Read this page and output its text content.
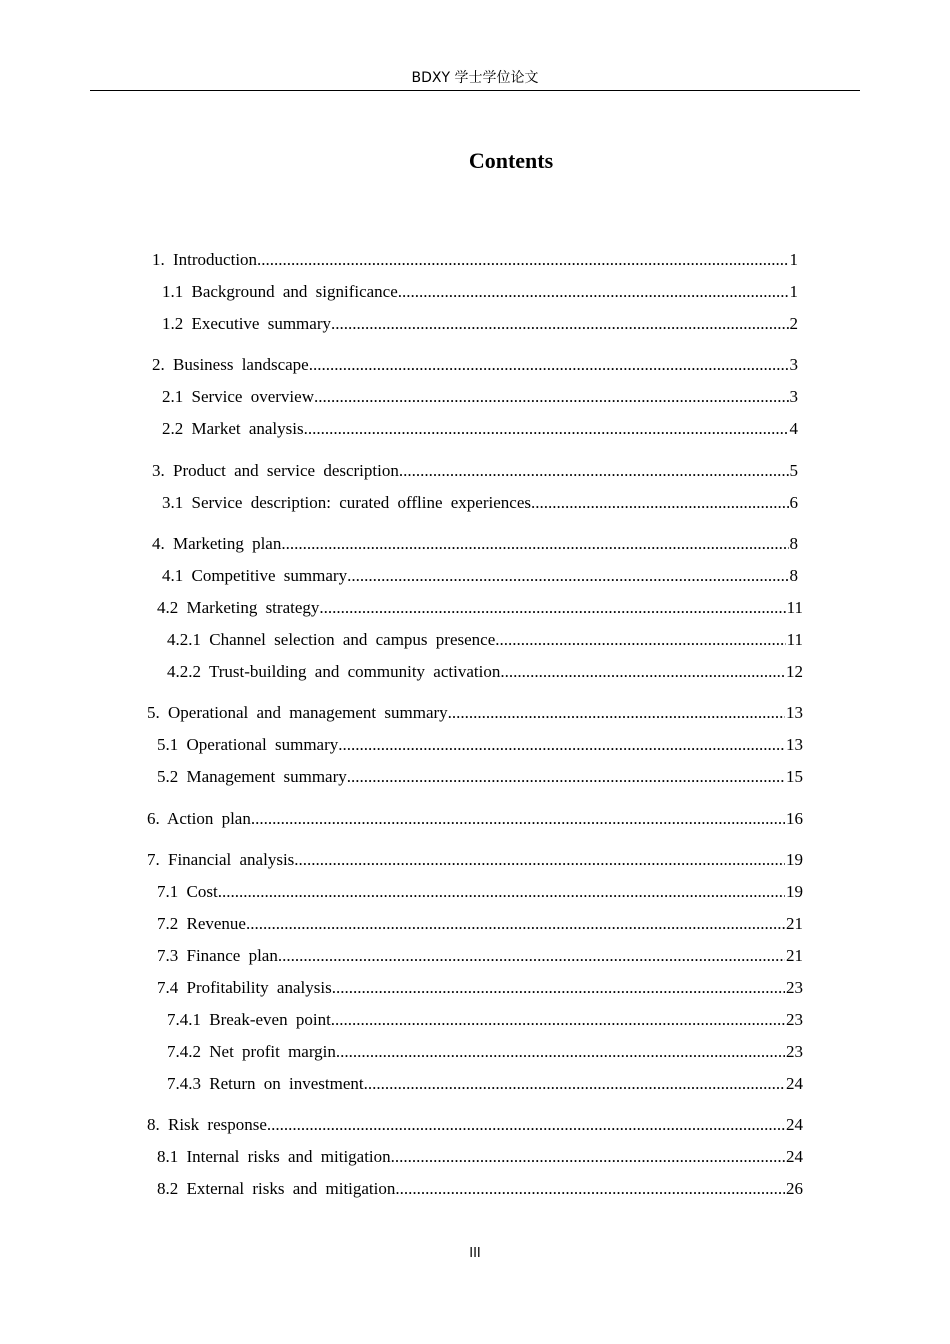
BDXY 学士学位论文
Contents
1. Introduction .....	1
1.1 Background and significance .....	1
1.2 Executive summary .....	2
2. Business landscape .....	3
2.1 Service overview .....	3
2.2 Market analysis .....	4
3. Product and service description .....	5
3.1 Service description: curated offline experiences .....	6
4. Marketing plan .....	8
4.1 Competitive summary .....	8
4.2 Marketing strategy .....	11
4.2.1 Channel selection and campus presence .....	11
4.2.2 Trust-building and community activation .....	12
5. Operational and management summary .....	13
5.1 Operational summary .....	13
5.2 Management summary .....	15
6. Action plan .....	16
7. Financial analysis .....	19
7.1 Cost .....	19
7.2 Revenue .....	21
7.3 Finance plan .....	21
7.4 Profitability analysis .....	23
7.4.1 Break-even point .....	23
7.4.2 Net profit margin .....	23
7.4.3 Return on investment .....	24
8. Risk response .....	24
8.1 Internal risks and mitigation .....	24
8.2 External risks and mitigation .....	26
III
